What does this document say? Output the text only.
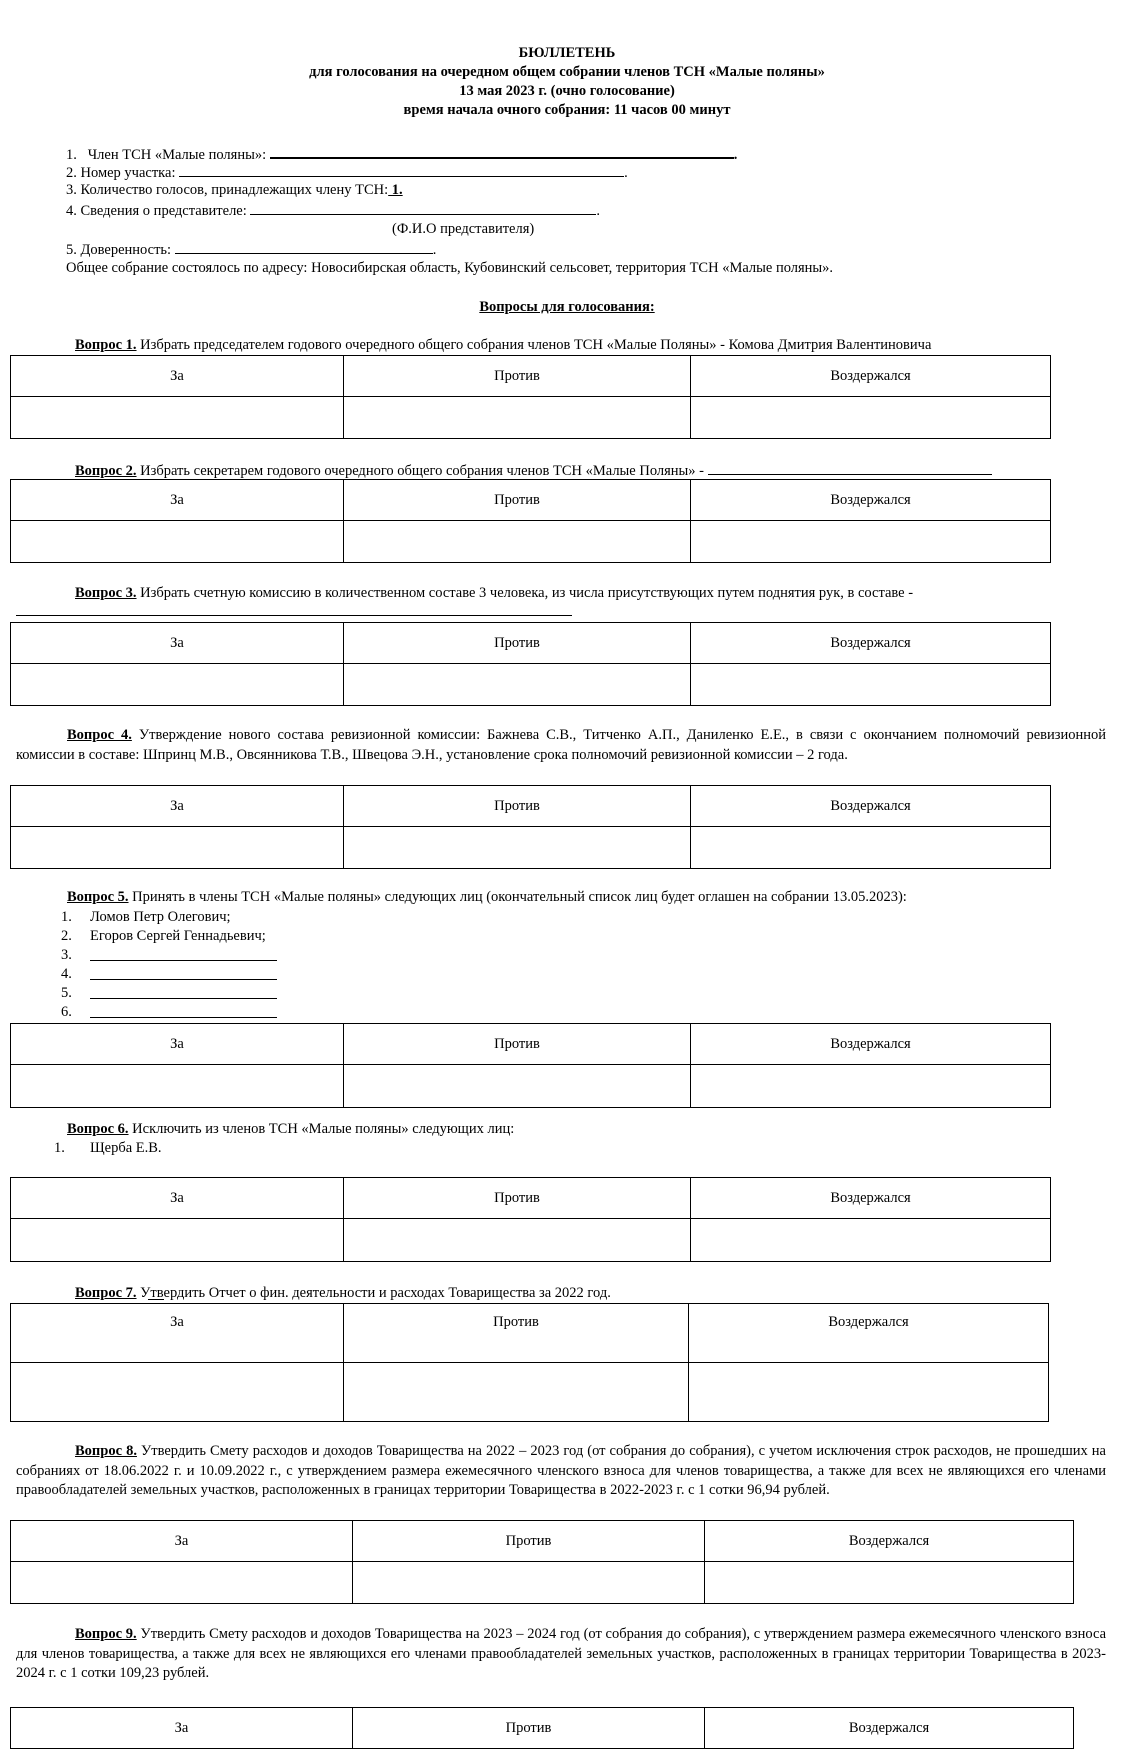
БЮЛЛЕТЕНЬ
для голосования на очередном общем собрании членов ТСН «Малые поляны»
13 мая 2023 г. (очно голосование)
время начала очного собрания: 11 часов 00 минут
1. Член ТСН «Малые поляны»:	.
2. Номер участка:	.
3. Количество голосов, принадлежащих члену ТСН: 1.
4. Сведения о представителе:	.
(Ф.И.О представителя)
5. Доверенность:	.
Общее собрание состоялось по адресу: Новосибирская область, Кубовинский сельсовет, территория ТСН «Малые поляны».
Вопросы для голосования:
Вопрос 1. Избрать председателем годового очередного общего собрания членов ТСН «Малые Поляны» - Комова Дмитрия Валентиновича
За	Против	Воздержался

Вопрос 2. Избрать секретарем годового очередного общего собрания членов ТСН «Малые Поляны» -
За	Против	Воздержался

Вопрос 3. Избрать счетную комиссию в количественном составе 3 человека, из числа присутствующих путем поднятия рук, в составе -
За	Против	Воздержался

Вопрос 4. Утверждение нового состава ревизионной комиссии: Бажнева С.В., Титченко А.П., Даниленко Е.Е., в связи с окончанием полномочий ревизионной комиссии в составе: Шпринц М.В., Овсянникова Т.В., Швецова Э.Н., установление срока полномочий ревизионной комиссии – 2 года.
За	Против	Воздержался

Вопрос 5. Принять в члены ТСН «Малые поляны» следующих лиц (окончательный список лиц будет оглашен на собрании 13.05.2023):
1. Ломов Петр Олегович;
2. Егоров Сергей Геннадьевич;
3.
4.
5.
6.
За	Против	Воздержался

Вопрос 6. Исключить из членов ТСН «Малые поляны» следующих лиц:
1. Щерба Е.В.
За	Против	Воздержался

Вопрос 7. Утвердить Отчет о фин. деятельности и расходах Товарищества за 2022 год.
За	Против	Воздержался

Вопрос 8. Утвердить Смету расходов и доходов Товарищества на 2022 – 2023 год (от собрания до собрания), с учетом исключения строк расходов, не прошедших на собраниях от 18.06.2022 г. и 10.09.2022 г., с утверждением размера ежемесячного членского взноса для членов товарищества, а также для всех не являющихся его членами правообладателей земельных участков, расположенных в границах территории Товарищества в 2022-2023 г. с 1 сотки 96,94 рублей.
За	Против	Воздержался

Вопрос 9. Утвердить Смету расходов и доходов Товарищества на 2023 – 2024 год (от собрания до собрания), с утверждением размера ежемесячного членского взноса для членов товарищества, а также для всех не являющихся его членами правообладателей земельных участков, расположенных в границах территории Товарищества в 2023-2024 г. с 1 сотки 109,23 рублей.
За	Против	Воздержался
